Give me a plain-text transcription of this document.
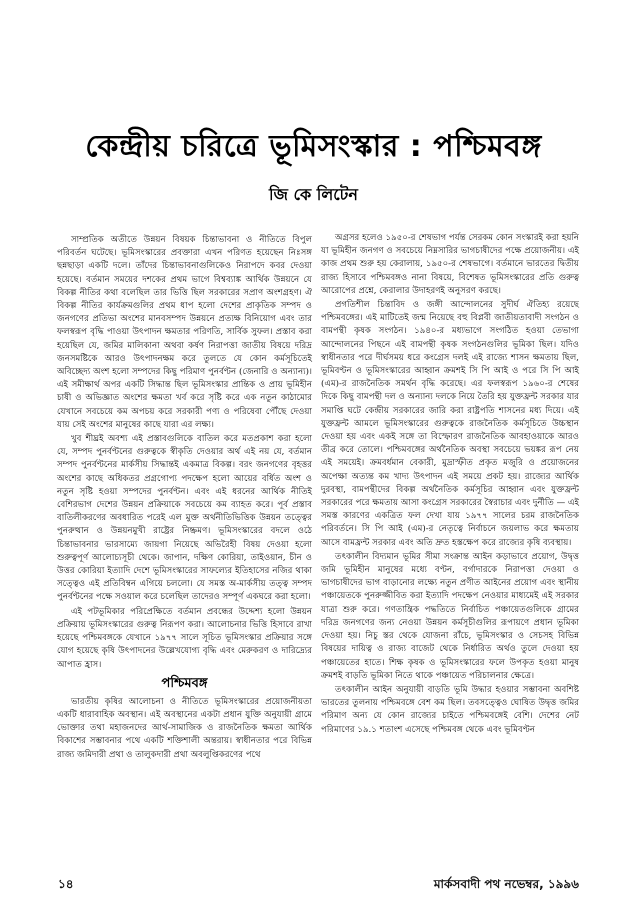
কেন্দ্রীয় চরিত্রে ভূমিসংস্কার : পশ্চিমবঙ্গ
জি কে লিটেন

সাম্প্রতিক অতীতে উন্নয়ন বিষয়ক চিন্তাভাবনা ও নীতিতে বিপুল পরিবর্তন ঘটেছে। ভূমিসংস্কারের প্রবক্তারা এখন পরিণত হয়েছেন নিঃসঙ্গ ছন্নছাড়া একটি দলে। তাঁদের চিন্তাভাবনাগুলিকেও নিরাপদে কবর দেওয়া হয়েছে। বর্তমান সময়ের দশকের প্রথম ভাগে বিশ্বব্যাঙ্ক আর্থিক উন্নয়নে যে বিকল্প নীতির কথা বলেছিল তার ভিত্তি ছিল সরকারের সপ্রাণ অংশগ্রহণ। ঐ বিকল্প নীতির কার্যক্রমগুলির প্রথম ধাপ হলো দেশের প্রাকৃতিক সম্পদ ও জনগণের প্রতিভা অংশের মানবসম্পদ উন্নয়নে প্রত্যক্ষ বিনিয়োগ এবং তার ফলস্বরূপ বৃদ্ধি পাওয়া উৎপাদন ক্ষমতার পরিণতি, সার্বিক সুফল। প্রস্তাব করা হয়েছিল যে, জমির মালিকানা অথবা কর্ষণ নিরাপত্তা জাতীয় বিষয়ে দরিদ্র জনসমষ্টিকে আরও উৎপাদনক্ষম করে তুলতে যে কোন কর্মসূচিতেই অবিচ্ছেদ্য অংশ হলো সম্পদের কিছু পরিমাণ পুনর্বণ্টন (জেনারি ও অন্যান্য)। এই সমীক্ষার্থ অপর একটি সিদ্ধান্ত ছিল ভূমিসংস্কার প্রান্তিক ও প্রায় ভূমিহীন চাষী ও অভিজ্ঞাত অংশের ক্ষমতা খর্ব করে সৃষ্টি করে এক নতুন কাঠামোর যেখানে সবচেয়ে কম অপচয় করে সরকারী পণ্য ও পরিষেবা পৌঁছে দেওয়া যায় সেই অংশের মানুষের কাছে যারা এর লক্ষ্য।

খুব শীঘ্রই অবশ্য এই প্রস্তাবগুলিকে বাতিল করে মতপ্রকাশ করা হলো যে, সম্পদ পুনর্বণ্টনের গুরুত্বকে স্বীকৃতি দেওয়ার অর্থ এই নয় যে, বর্তমান সম্পদ পুনর্বণ্টনের মার্কসীয় সিদ্ধান্তই একমাত্র বিকল্প। বরং জনগণের বৃহত্তর অংশের কাছে অধিকতর প্রগ্রগোপ্য পদক্ষেপ হলো আয়ের বর্ধিত অংশ ও নতুন সৃষ্টি হওয়া সম্পদের পুনর্বণ্টন। এবং এই ধরনের আর্থিক নীতিই বেশিরভাগ দেশের উন্নয়ন প্রক্রিয়াকে সবচেয়ে কম ব্যাহত করে। পূর্ব প্রস্তাব বাতিলীকরণের অবধারিত পরেই এল মুক্ত অর্থনীতিভিত্তিক উন্নয়ন তত্ত্বের পুনরুত্থান ও উন্নয়নমুখী রাষ্ট্রের নিষ্ক্রমণ। ভূমিসংস্কারের বদলে ওঠে চিন্তাভাবনার ভারসাম্যে জায়গা নিয়েছে অভিরৈহী বিষয় দেওয়া হলো শুরুত্বপূর্ণ আলোচ্যসূচী থেকে। জাপান, দক্ষিণ কোরিয়া, তাইওয়ান, চীন ও উত্তর কোরিয়া ইত্যাদি দেশে ভূমিসংস্কারের সাফল্যের ইতিহাসের নজির থাকা সত্ত্বেও এই প্রতিবিম্বন এগিয়ে চললো। যে সমস্ত অ-মার্কসীয় তত্ত্ব সম্পদ পুনর্বণ্টনের পক্ষে সওয়াল করে চলেছিল তাদেরও সম্পূর্ণ একঘরে করা হলো।

এই পটভূমিকার পরিপ্রেক্ষিতে বর্তমান প্রবন্ধের উদ্দেশ্য হলো উন্নয়ন প্রক্রিয়ায় ভূমিসংস্কারের গুরুত্ব নিরূপণ করা। আলোচনার ভিত্তি হিসাবে রাখা হয়েছে পশ্চিমবঙ্গকে যেখানে ১৯৭৭ সালে সূচিত ভূমিসংস্কার প্রক্রিয়ার সঙ্গে যোগ হয়েছে কৃষি উৎপাদনের উল্লেখযোগ্য বৃদ্ধি এবং মেরুকরণ ও দারিদ্র্যের আপাত হ্রাস।

পশ্চিমবঙ্গ

ভারতীয় কৃষির আলোচনা ও নীতিতে ভূমিসংস্কারের প্রয়োজনীয়তা একটি ধারাবাহিক অবস্থান। এই অবস্থানের একটা প্রধান যুক্তি অনুযায়ী গ্রামে ভোক্তার তথা মহাজনদের আর্থ-সামাজিক ও রাজনৈতিক ক্ষমতা আর্থিক বিকাশের সম্ভাবনার পথে একটি শক্তিশালী অন্তরায়। স্বাধীনতার পরে বিভিন্ন রাজ্য জমিদারী প্রথা ও তালুকদারী প্রথা অবলুপ্তিকরণের পথে

অগ্রসর হলেও ১৯৫০-র শেষভাগ পর্যন্ত সেরকম কোন সংস্কারই করা হয়নি যা ভূমিহীন জনগণ ও সবচেয়ে নিম্নসারির ভাগচাষীদের পক্ষে প্রয়োজনীয়। এই কাজ প্রথম শুরু হয় কেরালায়, ১৯৫০-র শেষভাগে। বর্তমানে ভারতের দ্বিতীয় রাজ্য হিসাবে পশ্চিমবঙ্গও নানা বিষয়ে, বিশেষত ভূমিসংস্কারের প্রতি গুরুত্ব আরোপের প্রশ্নে, কেরালার উদাহরণই অনুসরণ করছে।

প্রগতিশীল চিন্তাবিদ ও জঙ্গী আন্দোলনের সুদীর্ঘ ঐতিহ্য রয়েছে পশ্চিমবঙ্গের। এই মাটিতেই জন্ম নিয়েছে বহু বিপ্লবী জাতীয়তাবাদী সংগঠন ও বামপন্থী কৃষক সংগঠন। ১৯৪০-র মধ্যভাগে সংগঠিত হওয়া তেভাগা আন্দোলনের পিছনে এই বামপন্থী কৃষক সংগঠনগুলির ভূমিকা ছিল। যদিও স্বাধীনতার পরে দীর্ঘসময় ধরে কংগ্রেস দলই এই রাজ্যে শাসন ক্ষমতায় ছিল, ভূমিবণ্টন ও ভূমিসংস্কারের আহ্বান ক্রমশই সি পি আই ও পরে সি পি আই (এম)-র রাজনৈতিক সমর্থন বৃদ্ধি করেছে। এর ফলস্বরূপ ১৯৬০-র শেষের দিকে কিছু বামপন্থী দল ও অন্যান্য দলকে নিয়ে তৈরি হয় যুক্তফ্রন্ট সরকার যার সমাপ্তি ঘটে কেন্দ্রীয় সরকারের জারি করা রাষ্ট্রপতি শাসনের মধ্য দিয়ে। এই যুক্তফ্রন্ট আমলে ভূমিসংস্কারের গুরুত্বকে রাজনৈতিক কর্মসূচিতে উচ্চস্থান দেওয়া হয় এবং একই সঙ্গে তা বিস্ফোরণ রাজনৈতিক আবহাওয়াকে আরও তীব্র করে তোলে। পশ্চিমবঙ্গের অর্থনৈতিক অবস্থা সবচেয়ে ভয়ঙ্কর রূপ নেয় এই সময়েই। ক্রমবর্ধমান বেকারী, মুদ্রাস্ফীত প্রকৃত মজুরি ও প্রয়োজনের অপেক্ষা অত্যন্ত কম খাদ্য উৎপাদন এই সময়ে প্রকট হয়। রাজ্যের আর্থিক দুরবস্থা, বামপন্থীদের বিকল্প অর্থনৈতিক কর্মসূচির আহ্বান এবং যুক্তফ্রন্ট সরকারের পরে ক্ষমতায় আসা কংগ্রেস সরকারের স্বৈরাচার এবং দুর্নীতি — এই সমস্ত কারণের একত্রিত ফল দেখা যায় ১৯৭৭ সালের চরম রাজনৈতিক পরিবর্তনে। সি পি আই (এম)-র নেতৃত্বে নির্বাচনে জয়লাভ করে ক্ষমতায় আসে বামফ্রন্ট সরকার এবং অতি দ্রুত হস্তক্ষেপ করে রাজ্যের কৃষি ব্যবস্থায়।

তৎকালীন বিদ্যমান ভূমির সীমা সংক্রান্ত আইন কড়াভাবে প্রয়োগ, উদ্বৃত্ত জমি ভূমিহীন মানুষের মধ্যে বণ্টন, বর্গাদারকে নিরাপত্তা দেওয়া ও ভাগচাষীদের ভাগ বাড়ানোর লক্ষ্যে নতুন প্রণীত আইনের প্রয়োগ এবং স্থানীয় পঞ্চায়েতকে পুনরুজ্জীবিত করা ইত্যাদি পদক্ষেপ নেওয়ার মাধ্যমেই এই সরকার যাত্রা শুরু করে। গণতান্ত্রিক পদ্ধতিতে নির্বাচিত পঞ্চায়েতগুলিকে গ্রামের দরিদ্র জনগণের জন্য নেওয়া উন্নয়ন কর্মসূচীগুলির রূপায়ণে প্রধান ভূমিকা দেওয়া হয়। নিচু স্তর থেকে যোজনা রাঁচে, ভূমিসংস্কার ও সেচসহ বিভিন্ন বিষয়ের দায়িত্ব ও রাজ্য বাজেট থেকে নির্ধারিত অর্থও তুলে দেওয়া হয় পঞ্চায়েতের হাতে। শিক্ষ কৃষক ও ভূমিসংস্কারের ফলে উপকৃত হওয়া মানুষ ক্রমশই বাড়তি ভূমিকা নিতে থাকে পঞ্চায়েত পরিচালনার ক্ষেত্রে।

তৎকালীন আইন অনুযায়ী বাড়তি ভূমি উদ্ধার হওয়ার সম্ভাবনা অবশিষ্ট ভারতের তুলনায় পশ্চিমবঙ্গে বেশ কম ছিল। তবসত্ত্বেও ঘোষিত উদ্বৃত্ত জমির পরিমাণ অন্য যে কোন রাজ্যের চাইতে পশ্চিমবঙ্গেই বেশি। দেশের নেট পরিমাণের ১৯.১ শতাংশ এসেছে পশ্চিমবঙ্গ থেকে এবং ভূমিবণ্টন

১৪	মার্কসবাদী পথ নভেম্বর, ১৯৯৬
